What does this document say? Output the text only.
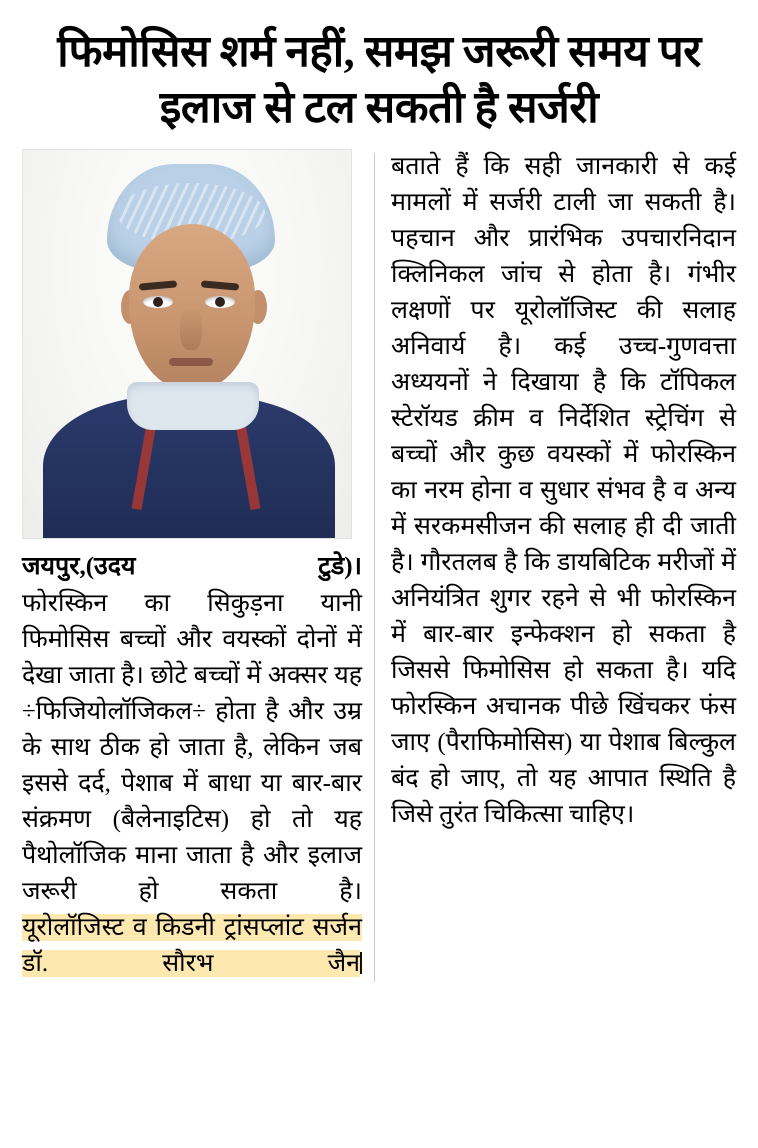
फिमोसिस शर्म नहीं, समझ जरूरी समय पर इलाज से टल सकती है सर्जरी
जयपुर,(उदय टुडे)।

फोरस्किन का सिकुड़ना यानी फिमोसिस बच्चों और वयस्कों दोनों में देखा जाता है। छोटे बच्चों में अक्सर यह ÷फिजियोलॉजिकल÷ होता है और उम्र के साथ ठीक हो जाता है, लेकिन जब इससे दर्द, पेशाब में बाधा या बार-बार संक्रमण (बैलेनाइटिस) हो तो यह पैथोलॉजिक माना जाता है और इलाज जरूरी हो सकता है।

यूरोलॉजिस्ट व किडनी ट्रांसप्लांट सर्जन डॉ. सौरभ जैन

बताते हैं कि सही जानकारी से कई मामलों में सर्जरी टाली जा सकती है।पहचान और प्रारंभिक उपचारनिदान क्लिनिकल जांच से होता है। गंभीर लक्षणों पर यूरोलॉजिस्ट की सलाह अनिवार्य है। कई उच्च-गुणवत्ता अध्ययनों ने दिखाया है कि टॉपिकल स्टेरॉयड क्रीम व निर्देशित स्ट्रेचिंग से बच्चों और कुछ वयस्कों में फोरस्किन का नरम होना व सुधार संभव है व अन्य में सरकमसीजन की सलाह ही दी जाती है। गौरतलब है कि डायबिटिक मरीजों में अनियंत्रित शुगर रहने से भी फोरस्किन में बार-बार इन्फेक्शन हो सकता है जिससे फिमोसिस हो सकता है। यदि फोरस्किन अचानक पीछे खिंचकर फंस जाए (पैराफिमोसिस) या पेशाब बिल्कुल बंद हो जाए, तो यह आपात स्थिति है जिसे तुरंत चिकित्सा चाहिए।
